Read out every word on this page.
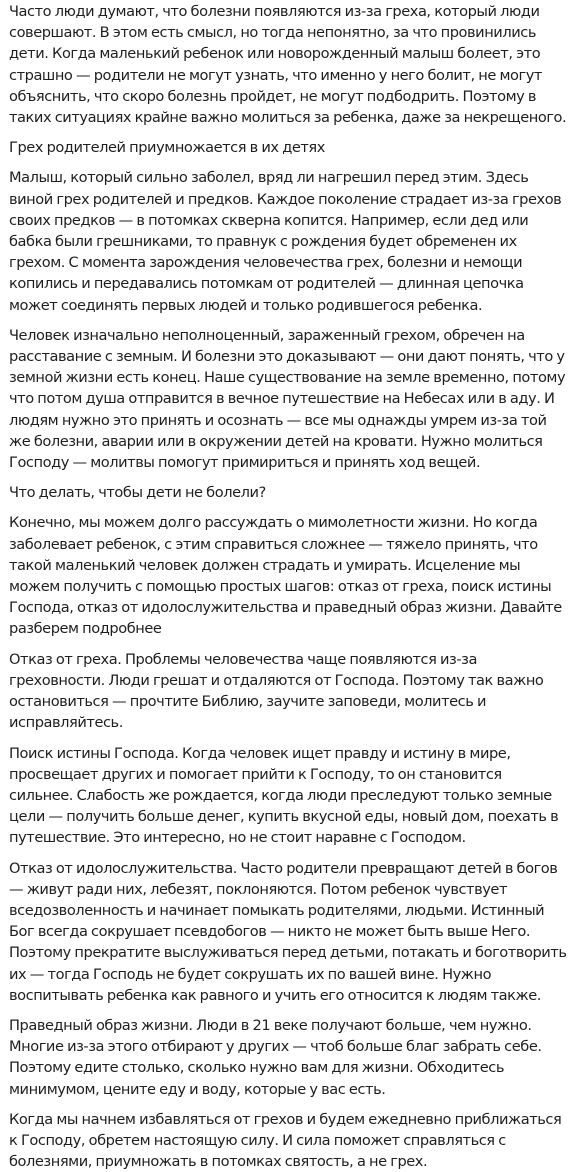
Часто люди думают, что болезни появляются из-за греха, который люди совершают. В этом есть смысл, но тогда непонятно, за что провинились дети. Когда маленький ребенок или новорожденный малыш болеет, это страшно — родители не могут узнать, что именно у него болит, не могут объяснить, что скоро болезнь пройдет, не могут подбодрить. Поэтому в таких ситуациях крайне важно молиться за ребенка, даже за некрещеного.

Грех родителей приумножается в их детях

Малыш, который сильно заболел, вряд ли нагрешил перед этим. Здесь виной грех родителей и предков. Каждое поколение страдает из-за грехов своих предков — в потомках скверна копится. Например, если дед или бабка были грешниками, то правнук с рождения будет обременен их грехом. С момента зарождения человечества грех, болезни и немощи копились и передавались потомкам от родителей — длинная цепочка может соединять первых людей и только родившегося ребенка.

Человек изначально неполноценный, зараженный грехом, обречен на расставание с земным. И болезни это доказывают — они дают понять, что у земной жизни есть конец. Наше существование на земле временно, потому что потом душа отправится в вечное путешествие на Небесах или в аду. И людям нужно это принять и осознать — все мы однажды умрем из-за той же болезни, аварии или в окружении детей на кровати. Нужно молиться Господу — молитвы помогут примириться и принять ход вещей.

Что делать, чтобы дети не болели?

Конечно, мы можем долго рассуждать о мимолетности жизни. Но когда заболевает ребенок, с этим справиться сложнее — тяжело принять, что такой маленький человек должен страдать и умирать. Исцеление мы можем получить с помощью простых шагов: отказ от греха, поиск истины Господа, отказ от идолослужительства и праведный образ жизни. Давайте разберем подробнее

Отказ от греха. Проблемы человечества чаще появляются из-за греховности. Люди грешат и отдаляются от Господа. Поэтому так важно остановиться — прочтите Библию, заучите заповеди, молитесь и исправляйтесь.

Поиск истины Господа. Когда человек ищет правду и истину в мире, просвещает других и помогает прийти к Господу, то он становится сильнее. Слабость же рождается, когда люди преследуют только земные цели — получить больше денег, купить вкусной еды, новый дом, поехать в путешествие. Это интересно, но не стоит наравне с Господом.

Отказ от идолослужительства. Часто родители превращают детей в богов — живут ради них, лебезят, поклоняются. Потом ребенок чувствует вседозволенность и начинает помыкать родителями, людьми. Истинный Бог всегда сокрушает псевдобогов — никто не может быть выше Него. Поэтому прекратите выслуживаться перед детьми, потакать и боготворить их — тогда Господь не будет сокрушать их по вашей вине. Нужно воспитывать ребенка как равного и учить его относится к людям также.

Праведный образ жизни. Люди в 21 веке получают больше, чем нужно. Многие из-за этого отбирают у других — чтоб больше благ забрать себе. Поэтому едите столько, сколько нужно вам для жизни. Обходитесь минимумом, цените еду и воду, которые у вас есть.

Когда мы начнем избавляться от грехов и будем ежедневно приближаться к Господу, обретем настоящую силу. И сила поможет справляться с болезнями, приумножать в потомках святость, а не грех.
